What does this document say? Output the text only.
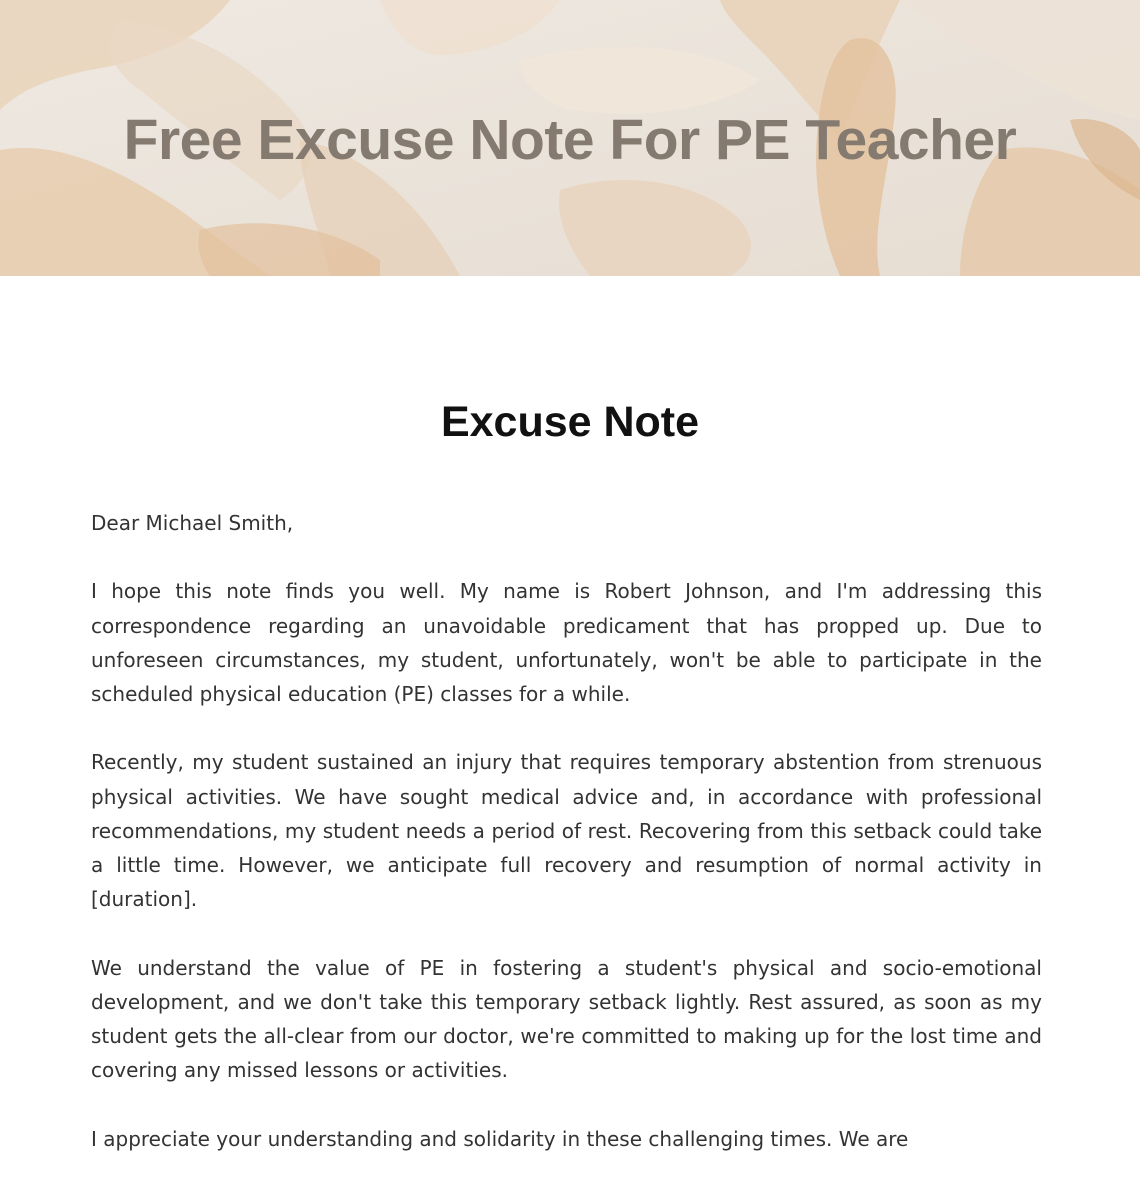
Free Excuse Note For PE Teacher
Excuse Note

Dear Michael Smith,

I hope this note finds you well. My name is Robert Johnson, and I'm addressing this correspondence regarding an unavoidable predicament that has propped up. Due to unforeseen circumstances, my student, unfortunately, won't be able to participate in the scheduled physical education (PE) classes for a while.

Recently, my student sustained an injury that requires temporary abstention from strenuous physical activities. We have sought medical advice and, in accordance with professional recommendations, my student needs a period of rest. Recovering from this setback could take a little time. However, we anticipate full recovery and resumption of normal activity in [duration].

We understand the value of PE in fostering a student's physical and socio-emotional development, and we don't take this temporary setback lightly. Rest assured, as soon as my student gets the all-clear from our doctor, we're committed to making up for the lost time and covering any missed lessons or activities.

I appreciate your understanding and solidarity in these challenging times. We are
